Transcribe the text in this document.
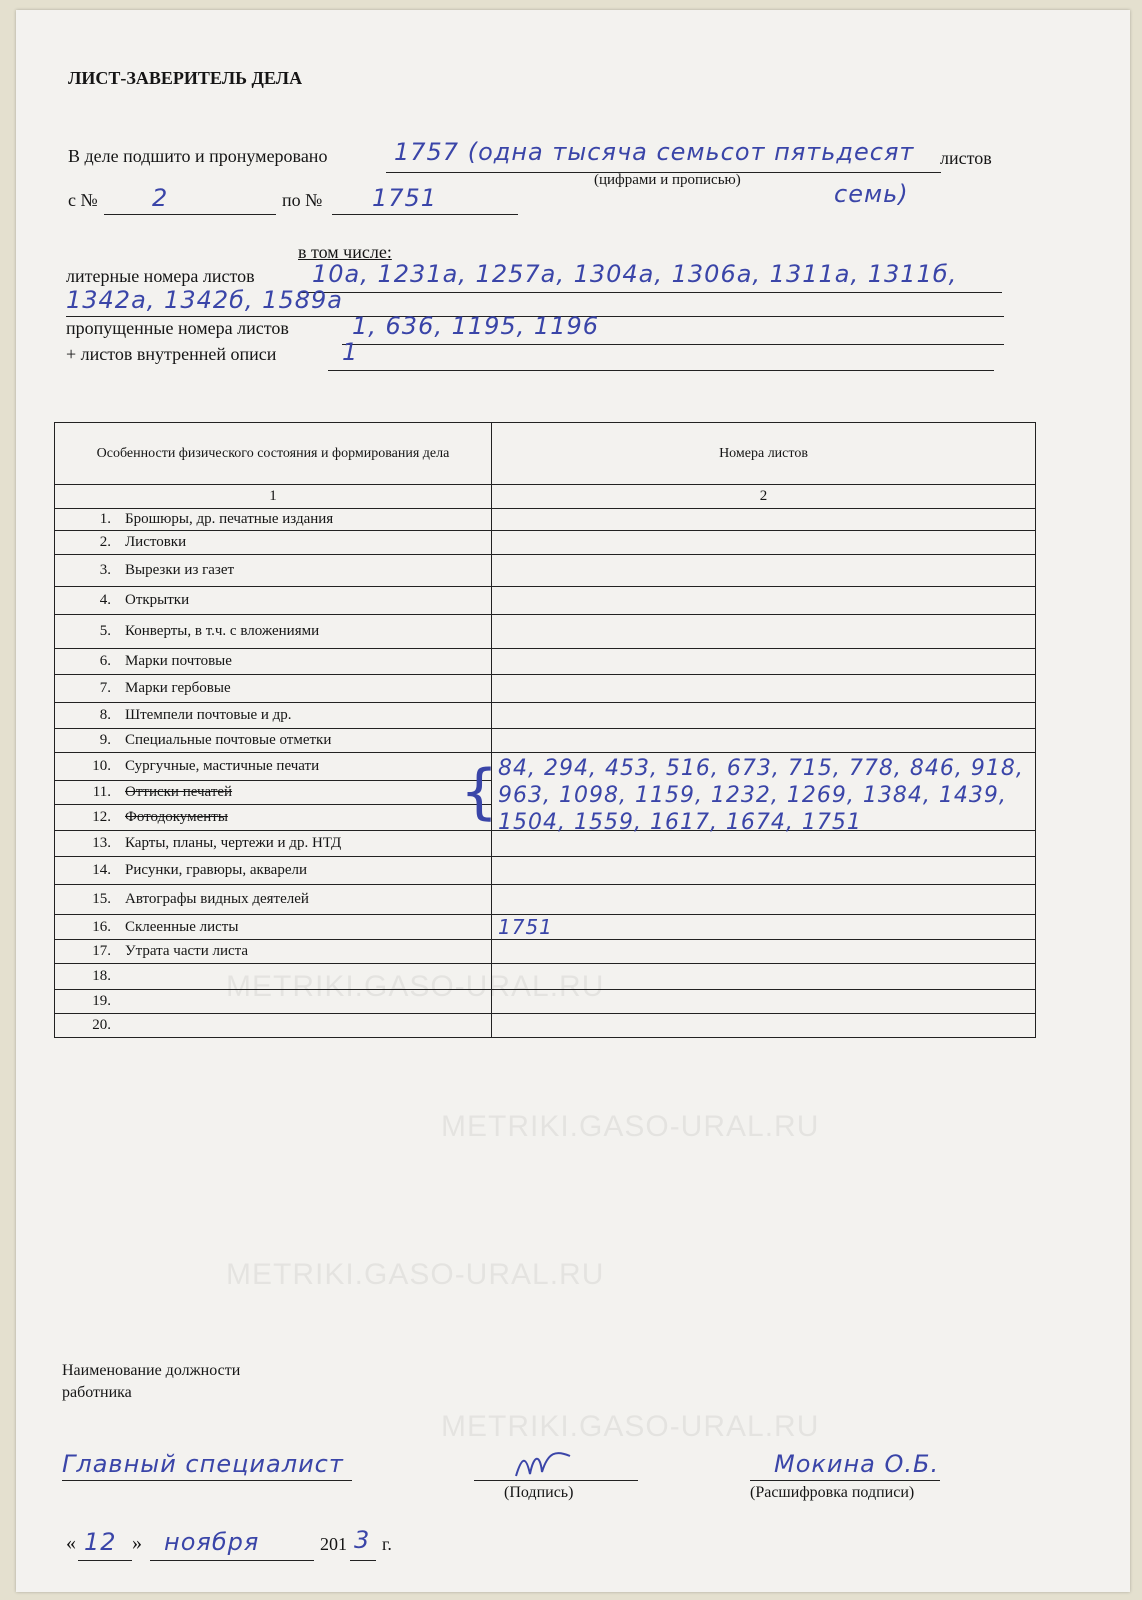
METRIKI.GASO-URAL.RU
METRIKI.GASO-URAL.RU
METRIKI.GASO-URAL.RU
METRIKI.GASO-URAL.RU
ЛИСТ-ЗАВЕРИТЕЛЬ ДЕЛА
В деле подшито и пронумеровано	1757 (одна тысяча семьсот пятьдесят листов
(цифрами и прописью)	семь)
с № 2	по № 1751
в том числе:
литерные номера листов 10а, 1231а, 1257а, 1304а, 1306а, 1311а, 1311б,
1342а, 1342б, 1589а
пропущенные номера листов	1, 636, 1195, 1196
+ листов внутренней описи	1
Особенности физического состояния и формирования дела	Номера листов
1	2
1. Брошюры, др. печатные издания	
2. Листовки	
3. Вырезки из газет	
4. Открытки	
5. Конверты, в т.ч. с вложениями	
6. Марки почтовые	
7. Марки гербовые	
8. Штемпели почтовые и др.	
9. Специальные почтовые отметки	
10. Сургучные, мастичные печати	84, 294, 453, 516, 673, 715, 778, 846, 918,
963, 1098, 1159, 1232, 1269, 1384, 1439,
1504, 1559, 1617, 1674, 1751

11. Оттиски печатей	
12. Фотодокументы	
13. Карты, планы, чертежи и др. НТД	
14. Рисунки, гравюры, акварели	
15. Автографы видных деятелей	
16. Склеенные листы	1751
17. Утрата части листа	
18.	
19.	
20.	
{
Наименование должности
работника
Главный специалист
(Подпись)
Мокина О.Б.
(Расшифровка подписи)
« 12 » ноября	201 3 г.
